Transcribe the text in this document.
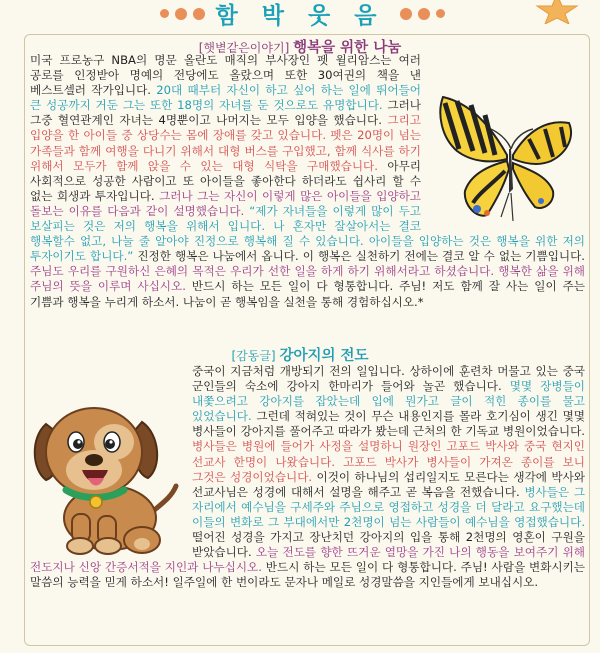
함 박 웃 음
[햇볕같은이야기] 행복을 위한 나눔
미국 프로농구 NBA의 명문 올란도 매직의 부사장인 펫 윌리암스는 여러 공로를 인정받아 명예의 전당에도 올랐으며 또한 30여권의 책을 낸 베스트셀러 작가입니다. 20대 때부터 자신이 하고 싶어 하는 일에 뛰어들어 큰 성공까지 거둔 그는 또한 18명의 자녀를 둔 것으로도 유명합니다. 그러나 그중 혈연관계인 자녀는 4명뿐이고 나머지는 모두 입양을 했습니다. 그리고 입양을 한 아이들 중 상당수는 몸에 장애를 갖고 있습니다. 펫은 20명이 넘는 가족들과 함께 여행을 다니기 위해서 대형 버스를 구입했고, 함께 식사를 하기 위해서 모두가 함께 앉을 수 있는 대형 식탁을 구매했습니다. 아무리 사회적으로 성공한 사람이고 또 아이들을 좋아한다 하더라도 쉽사리 할 수 없는 희생과 투자입니다. 그러나 그는 자신이 이렇게 많은 아이들을 입양하고 돌보는 이유를 다음과 같이 설명했습니다. “제가 자녀들을 이렇게 많이 두고 보살피는 것은 저의 행복을 위해서 입니다. 나 혼자만 잘살아서는 결코 행복할수 없고, 나눌 줄 알아야 진정으로 행복해 질 수 있습니다. 아이들을 입양하는 것은 행복을 위한 저의 투자이기도 합니다.” 진정한 행복은 나눔에서 옵니다. 이 행복은 실천하기 전에는 결코 알 수 없는 기쁨입니다. 주님도 우리를 구원하신 은혜의 목적은 우리가 선한 일을 하게 하기 위해서라고 하셨습니다. 행복한 삶을 위해 주님의 뜻을 이루며 사십시오. 반드시 하는 모든 일이 다 형통합니다. 주님! 저도 함께 잘 사는 일이 주는 기쁨과 행복을 누리게 하소서. 나눔이 곧 행복임을 실천을 통해 경험하십시오.*
[감동글] 강아지의 전도
중국이 지금처럼 개방되기 전의 일입니다. 상하이에 훈련차 머물고 있는 중국 군인들의 숙소에 강아지 한마리가 들어와 놀곤 했습니다. 몇몇 장병들이 내쫓으려고 강아지를 잡았는데 입에 뭔가고 글이 적힌 종이를 물고 있었습니다. 그런데 적혀있는 것이 무슨 내용인지를 몰라 호기심이 생긴 몇몇 병사들이 강아지를 풀어주고 따라가 봤는데 근처의 한 기독교 병원이었습니다. 병사들은 병원에 들어가 사정을 설명하니 원장인 고포드 박사와 중국 현지인 선교사 한명이 나왔습니다. 고포드 박사가 병사들이 가져온 종이를 보니 그것은 성경이었습니다. 이것이 하나님의 섭리일지도 모른다는 생각에 박사와 선교사님은 성경에 대해서 설명을 해주고 곧 복음을 전했습니다. 병사들은 그 자리에서 예수님을 구세주와 주님으로 영접하고 성경을 더 달라고 요구했는데 이들의 변화로 그 부대에서만 2천명이 넘는 사람들이 예수님을 영접했습니다. 떨어진 성경을 가지고 장난치던 강아지의 입을 통해 2천명의 영혼이 구원을 받았습니다. 오늘 전도를 향한 뜨거운 열망을 가진 나의 행동을 보여주기 위해 전도지나 신앙 간증서적을 지인과 나누십시오. 반드시 하는 모든 일이 다 형통합니다. 주님! 사람을 변화시키는 말씀의 능력을 믿게 하소서! 일주일에 한 번이라도 문자나 메일로 성경말씀을 지인들에게 보내십시오.
